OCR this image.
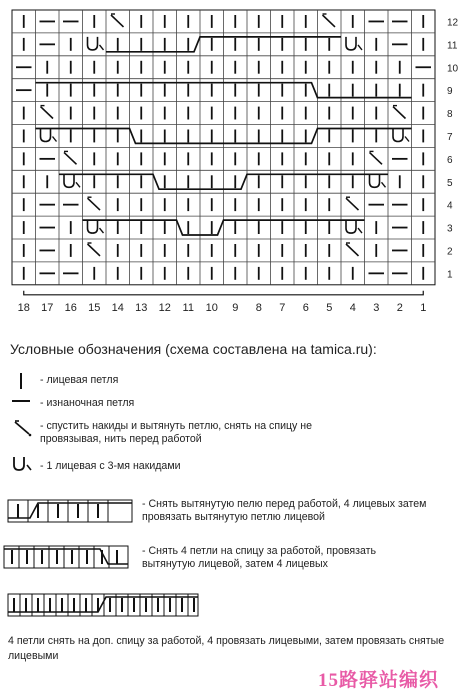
12
11
10
9
8
7
6
5
4
3
2
1
18 17 16 15 14 13 12 11 10 9 8 7 6 5 4 3 2 1
Условные обозначения (схема составлена на tamica.ru):
- лицевая петля
- изнаночная петля
- спустить накиды и вытянуть петлю, снять на спицу не провязывая, нить перед работой
- 1 лицевая с 3-мя накидами
- Снять вытянутую пелю перед работой, 4 лицевых затем провязать вытянутую петлю лицевой
- Снять 4 петли на спицу за работой, провязать вытянутую лицевой, затем 4 лицевых
4 петли снять на доп. спицу за работой, 4 провязать лицевыми, затем провязать снятые лицевыми
15路驿站编织
